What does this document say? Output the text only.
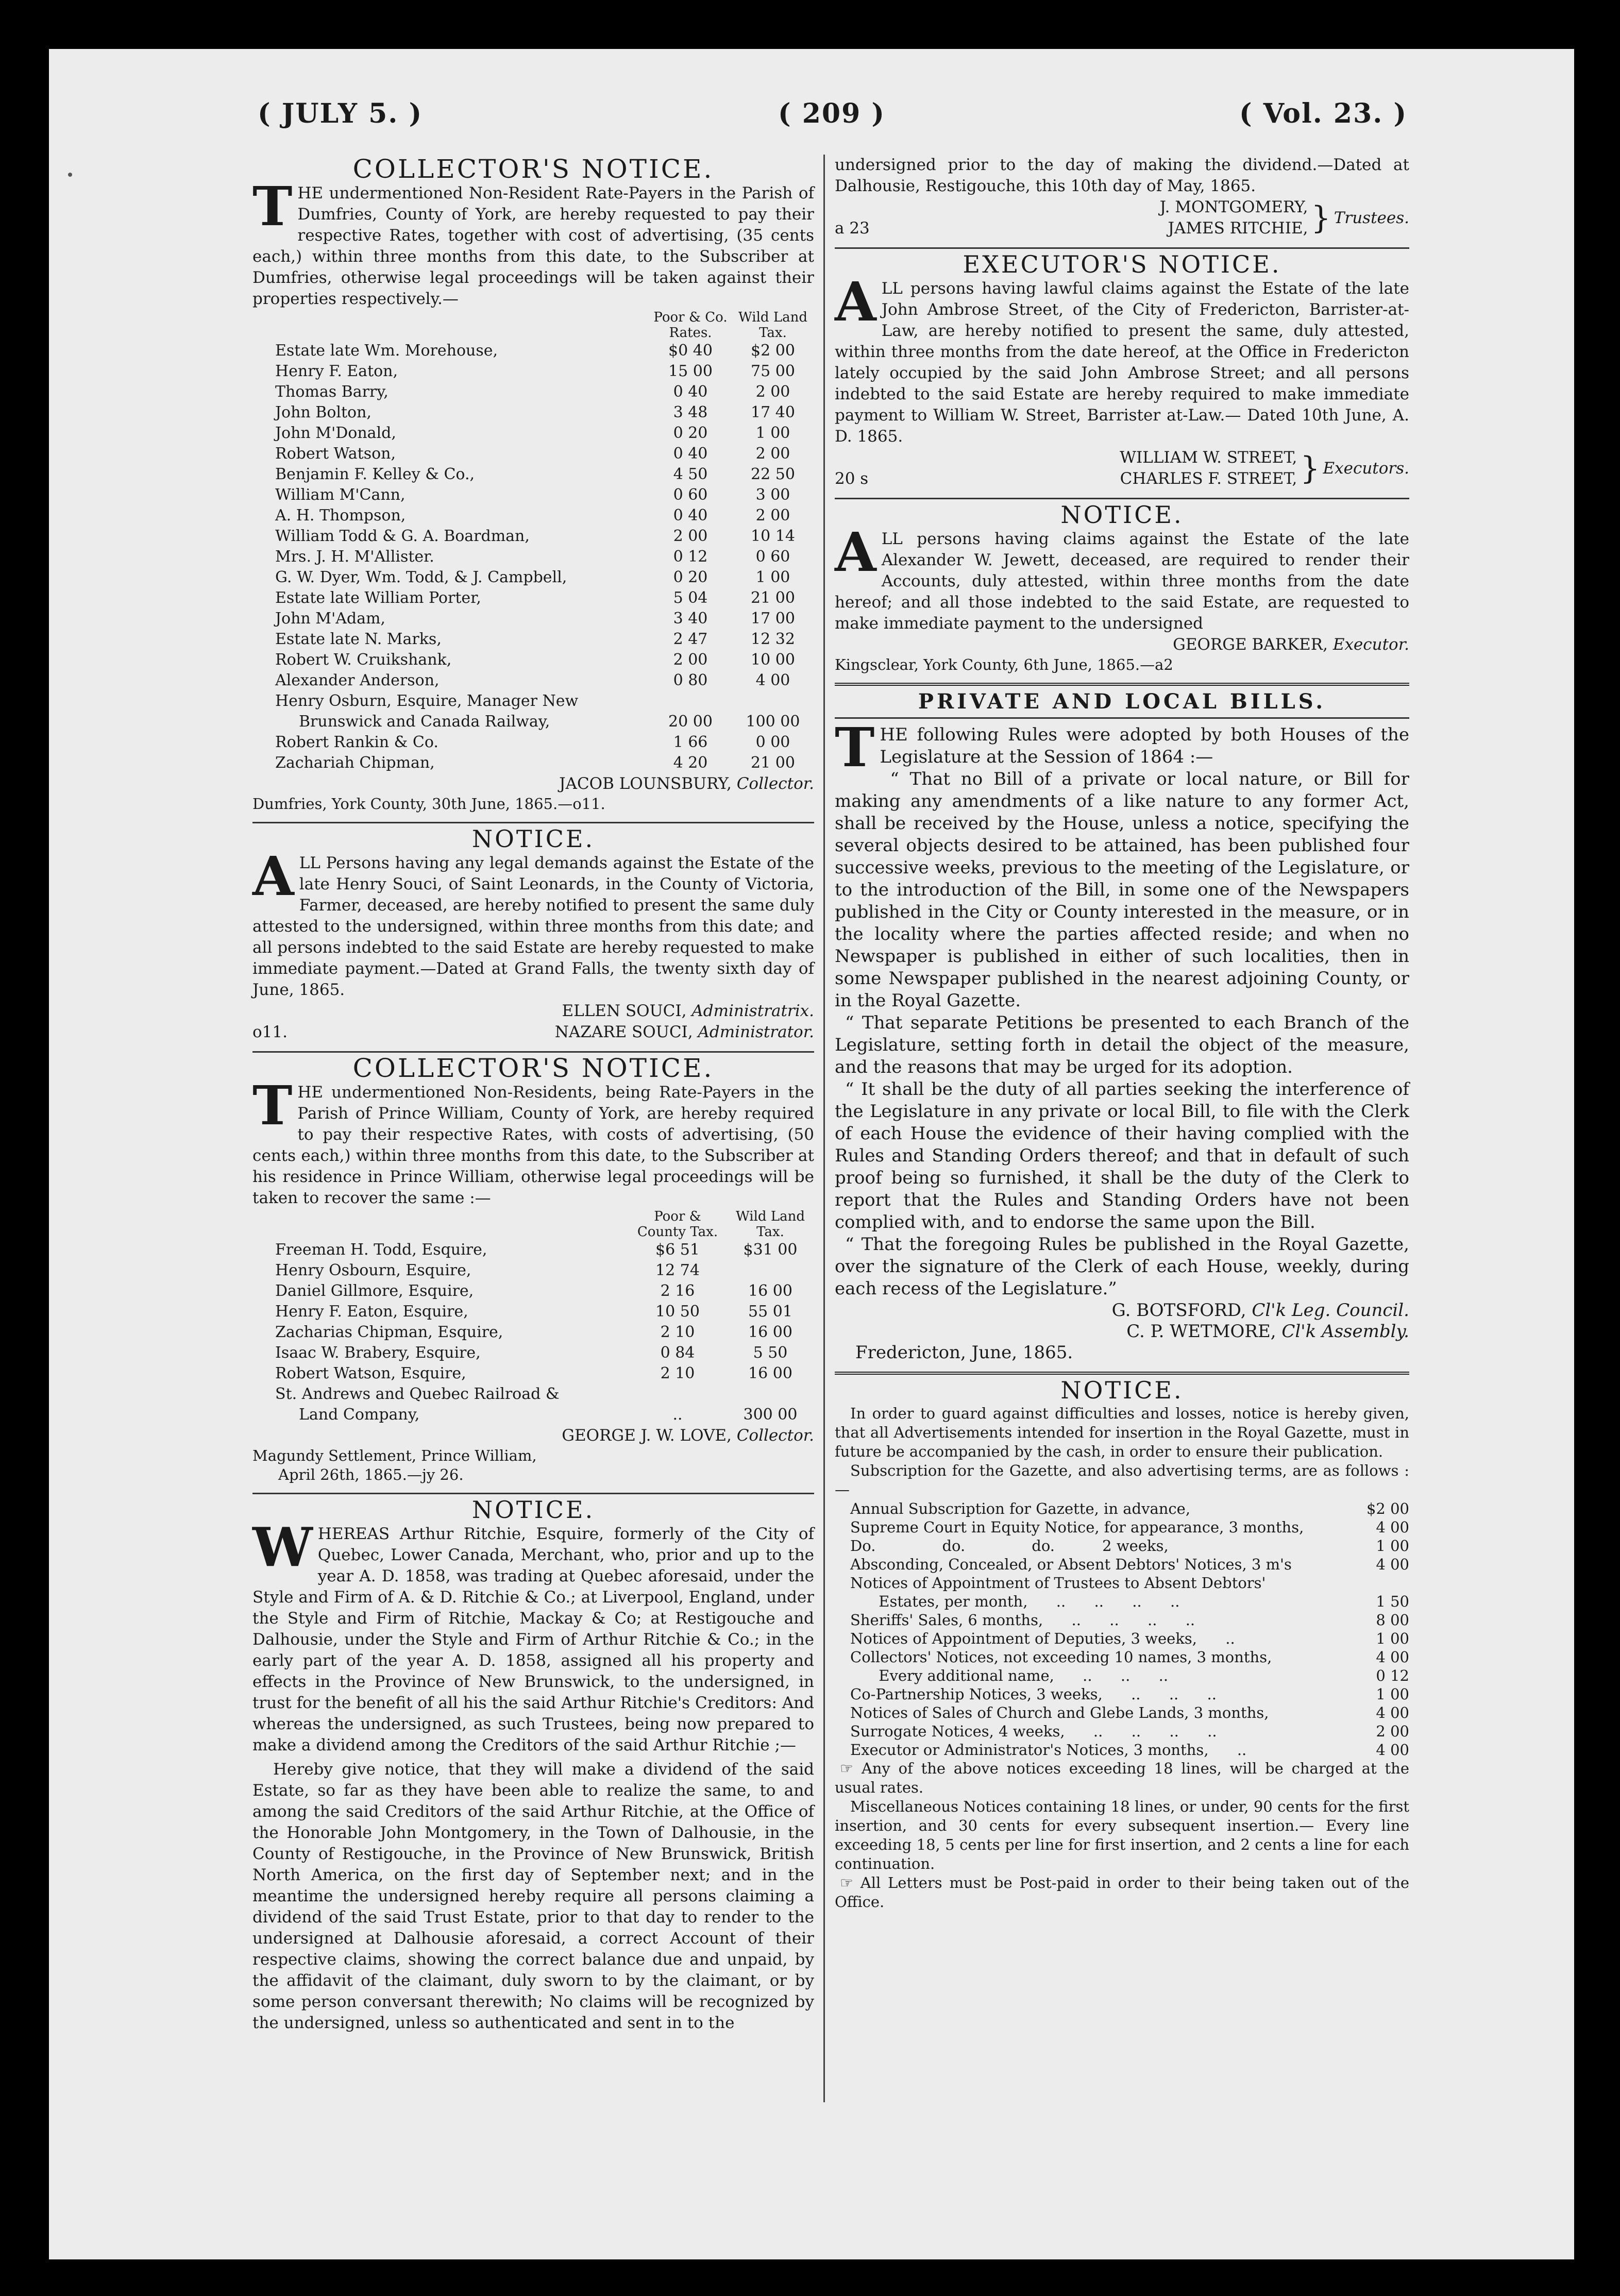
( JULY 5. )	( 209 )	( Vol. 23. )
COLLECTOR'S NOTICE.

THE undermentioned Non-Resident Rate-Payers in the Parish of Dumfries, County of York, are hereby requested to pay their respective Rates, together with cost of advertising, (35 cents each,) within three months from this date, to the Subscriber at Dumfries, otherwise legal proceedings will be taken against their properties respectively.—

	Poor & Co. Rates.	Wild Land Tax.
Estate late Wm. Morehouse,	$0 40	$2 00
Henry F. Eaton,	15 00	75 00
Thomas Barry,	0 40	2 00
John Bolton,	3 48	17 40
John M'Donald,	0 20	1 00
Robert Watson,	0 40	2 00
Benjamin F. Kelley & Co.,	4 50	22 50
William M'Cann,	0 60	3 00
A. H. Thompson,	0 40	2 00
William Todd & G. A. Boardman,	2 00	10 14
Mrs. J. H. M'Allister.	0 12	0 60
G. W. Dyer, Wm. Todd, & J. Campbell,	0 20	1 00
Estate late William Porter,	5 04	21 00
John M'Adam,	3 40	17 00
Estate late N. Marks,	2 47	12 32
Robert W. Cruikshank,	2 00	10 00
Alexander Anderson,	0 80	4 00
Henry Osburn, Esquire, Manager New		
Brunswick and Canada Railway,	20 00	100 00
Robert Rankin & Co.	1 66	0 00
Zachariah Chipman,	4 20	21 00
JACOB LOUNSBURY, Collector.
Dumfries, York County, 30th June, 1865.—o11.
NOTICE.

ALL Persons having any legal demands against the Estate of the late Henry Souci, of Saint Leonards, in the County of Victoria, Farmer, deceased, are hereby notified to present the same duly attested to the undersigned, within three months from this date; and all persons indebted to the said Estate are hereby requested to make immediate payment.—Dated at Grand Falls, the twenty sixth day of June, 1865.

ELLEN SOUCI, Administratrix.
o11.	NAZARE SOUCI, Administrator.
COLLECTOR'S NOTICE.

THE undermentioned Non-Residents, being Rate-Payers in the Parish of Prince William, County of York, are hereby required to pay their respective Rates, with costs of advertising, (50 cents each,) within three months from this date, to the Subscriber at his residence in Prince William, otherwise legal proceedings will be taken to recover the same :—

	Poor & County Tax.	Wild Land Tax.
Freeman H. Todd, Esquire,	$6 51	$31 00
Henry Osbourn, Esquire,	12 74	
Daniel Gillmore, Esquire,	2 16	16 00
Henry F. Eaton, Esquire,	10 50	55 01
Zacharias Chipman, Esquire,	2 10	16 00
Isaac W. Brabery, Esquire,	0 84	5 50
Robert Watson, Esquire,	2 10	16 00
St. Andrews and Quebec Railroad &		
Land Company,	..	300 00
GEORGE J. W. LOVE, Collector.
Magundy Settlement, Prince William,
April 26th, 1865.—jy 26.
NOTICE.

WHEREAS Arthur Ritchie, Esquire, formerly of the City of Quebec, Lower Canada, Merchant, who, prior and up to the year A. D. 1858, was trading at Quebec aforesaid, under the Style and Firm of A. & D. Ritchie & Co.; at Liverpool, England, under the Style and Firm of Ritchie, Mackay & Co; at Restigouche and Dalhousie, under the Style and Firm of Arthur Ritchie & Co.; in the early part of the year A. D. 1858, assigned all his property and effects in the Province of New Brunswick, to the undersigned, in trust for the benefit of all his the said Arthur Ritchie's Creditors: And whereas the undersigned, as such Trustees, being now prepared to make a dividend among the Creditors of the said Arthur Ritchie ;—

Hereby give notice, that they will make a dividend of the said Estate, so far as they have been able to realize the same, to and among the said Creditors of the said Arthur Ritchie, at the Office of the Honorable John Montgomery, in the Town of Dalhousie, in the County of Restigouche, in the Province of New Brunswick, British North America, on the first day of September next; and in the meantime the undersigned hereby require all persons claiming a dividend of the said Trust Estate, prior to that day to render to the undersigned at Dalhousie aforesaid, a correct Account of their respective claims, showing the correct balance due and unpaid, by the affidavit of the claimant, duly sworn to by the claimant, or by some person conversant therewith; No claims will be recognized by the undersigned, unless so authenticated and sent in to the

undersigned prior to the day of making the dividend.—Dated at Dalhousie, Restigouche, this 10th day of May, 1865.

a 23
J. MONTGOMERY,
JAMES RITCHIE, } Trustees.
EXECUTOR'S NOTICE.

ALL persons having lawful claims against the Estate of the late John Ambrose Street, of the City of Fredericton, Barrister-at-Law, are hereby notified to present the same, duly attested, within three months from the date hereof, at the Office in Fredericton lately occupied by the said John Ambrose Street; and all persons indebted to the said Estate are hereby required to make immediate payment to William W. Street, Barrister at-Law.— Dated 10th June, A. D. 1865.

20 s
WILLIAM W. STREET,
CHARLES F. STREET, } Executors.
NOTICE.

ALL persons having claims against the Estate of the late Alexander W. Jewett, deceased, are required to render their Accounts, duly attested, within three months from the date hereof; and all those indebted to the said Estate, are requested to make immediate payment to the undersigned

GEORGE BARKER, Executor.
Kingsclear, York County, 6th June, 1865.—a2
PRIVATE AND LOCAL BILLS.

THE following Rules were adopted by both Houses of the Legislature at the Session of 1864 :—

“ That no Bill of a private or local nature, or Bill for making any amendments of a like nature to any former Act, shall be received by the House, unless a notice, specifying the several objects desired to be attained, has been published four successive weeks, previous to the meeting of the Legislature, or to the introduction of the Bill, in some one of the Newspapers published in the City or County interested in the measure, or in the locality where the parties affected reside; and when no Newspaper is published in either of such localities, then in some Newspaper published in the nearest adjoining County, or in the Royal Gazette.

“ That separate Petitions be presented to each Branch of the Legislature, setting forth in detail the object of the measure, and the reasons that may be urged for its adoption.

“ It shall be the duty of all parties seeking the interference of the Legislature in any private or local Bill, to file with the Clerk of each House the evidence of their having complied with the Rules and Standing Orders thereof; and that in default of such proof being so furnished, it shall be the duty of the Clerk to report that the Rules and Standing Orders have not been complied with, and to endorse the same upon the Bill.

“ That the foregoing Rules be published in the Royal Gazette, over the signature of the Clerk of each House, weekly, during each recess of the Legislature.”

G. BOTSFORD, Cl'k Leg. Council.
C. P. WETMORE, Cl'k Assembly.
Fredericton, June, 1865.
NOTICE.

In order to guard against difficulties and losses, notice is hereby given, that all Advertisements intended for insertion in the Royal Gazette, must in future be accompanied by the cash, in order to ensure their publication.

Subscription for the Gazette, and also advertising terms, are as follows :—

Annual Subscription for Gazette, in advance,	$2 00
Supreme Court in Equity Notice, for appearance, 3 months,	4 00
Do.              do.              do.          2 weeks,	1 00
Absconding, Concealed, or Absent Debtors' Notices, 3 m's	4 00
Notices of Appointment of Trustees to Absent Debtors'	
Estates, per month,      ..      ..      ..      ..	1 50
Sheriffs' Sales, 6 months,      ..      ..      ..      ..	8 00
Notices of Appointment of Deputies, 3 weeks,      ..	1 00
Collectors' Notices, not exceeding 10 names, 3 months,	4 00
Every additional name,      ..      ..      ..	0 12
Co-Partnership Notices, 3 weeks,      ..      ..      ..	1 00
Notices of Sales of Church and Glebe Lands, 3 months,	4 00
Surrogate Notices, 4 weeks,      ..      ..      ..      ..	2 00
Executor or Administrator's Notices, 3 months,      ..	4 00

☞ Any of the above notices exceeding 18 lines, will be charged at the usual rates.

Miscellaneous Notices containing 18 lines, or under, 90 cents for the first insertion, and 30 cents for every subsequent insertion.— Every line exceeding 18, 5 cents per line for first insertion, and 2 cents a line for each continuation.

☞ All Letters must be Post-paid in order to their being taken out of the Office.
